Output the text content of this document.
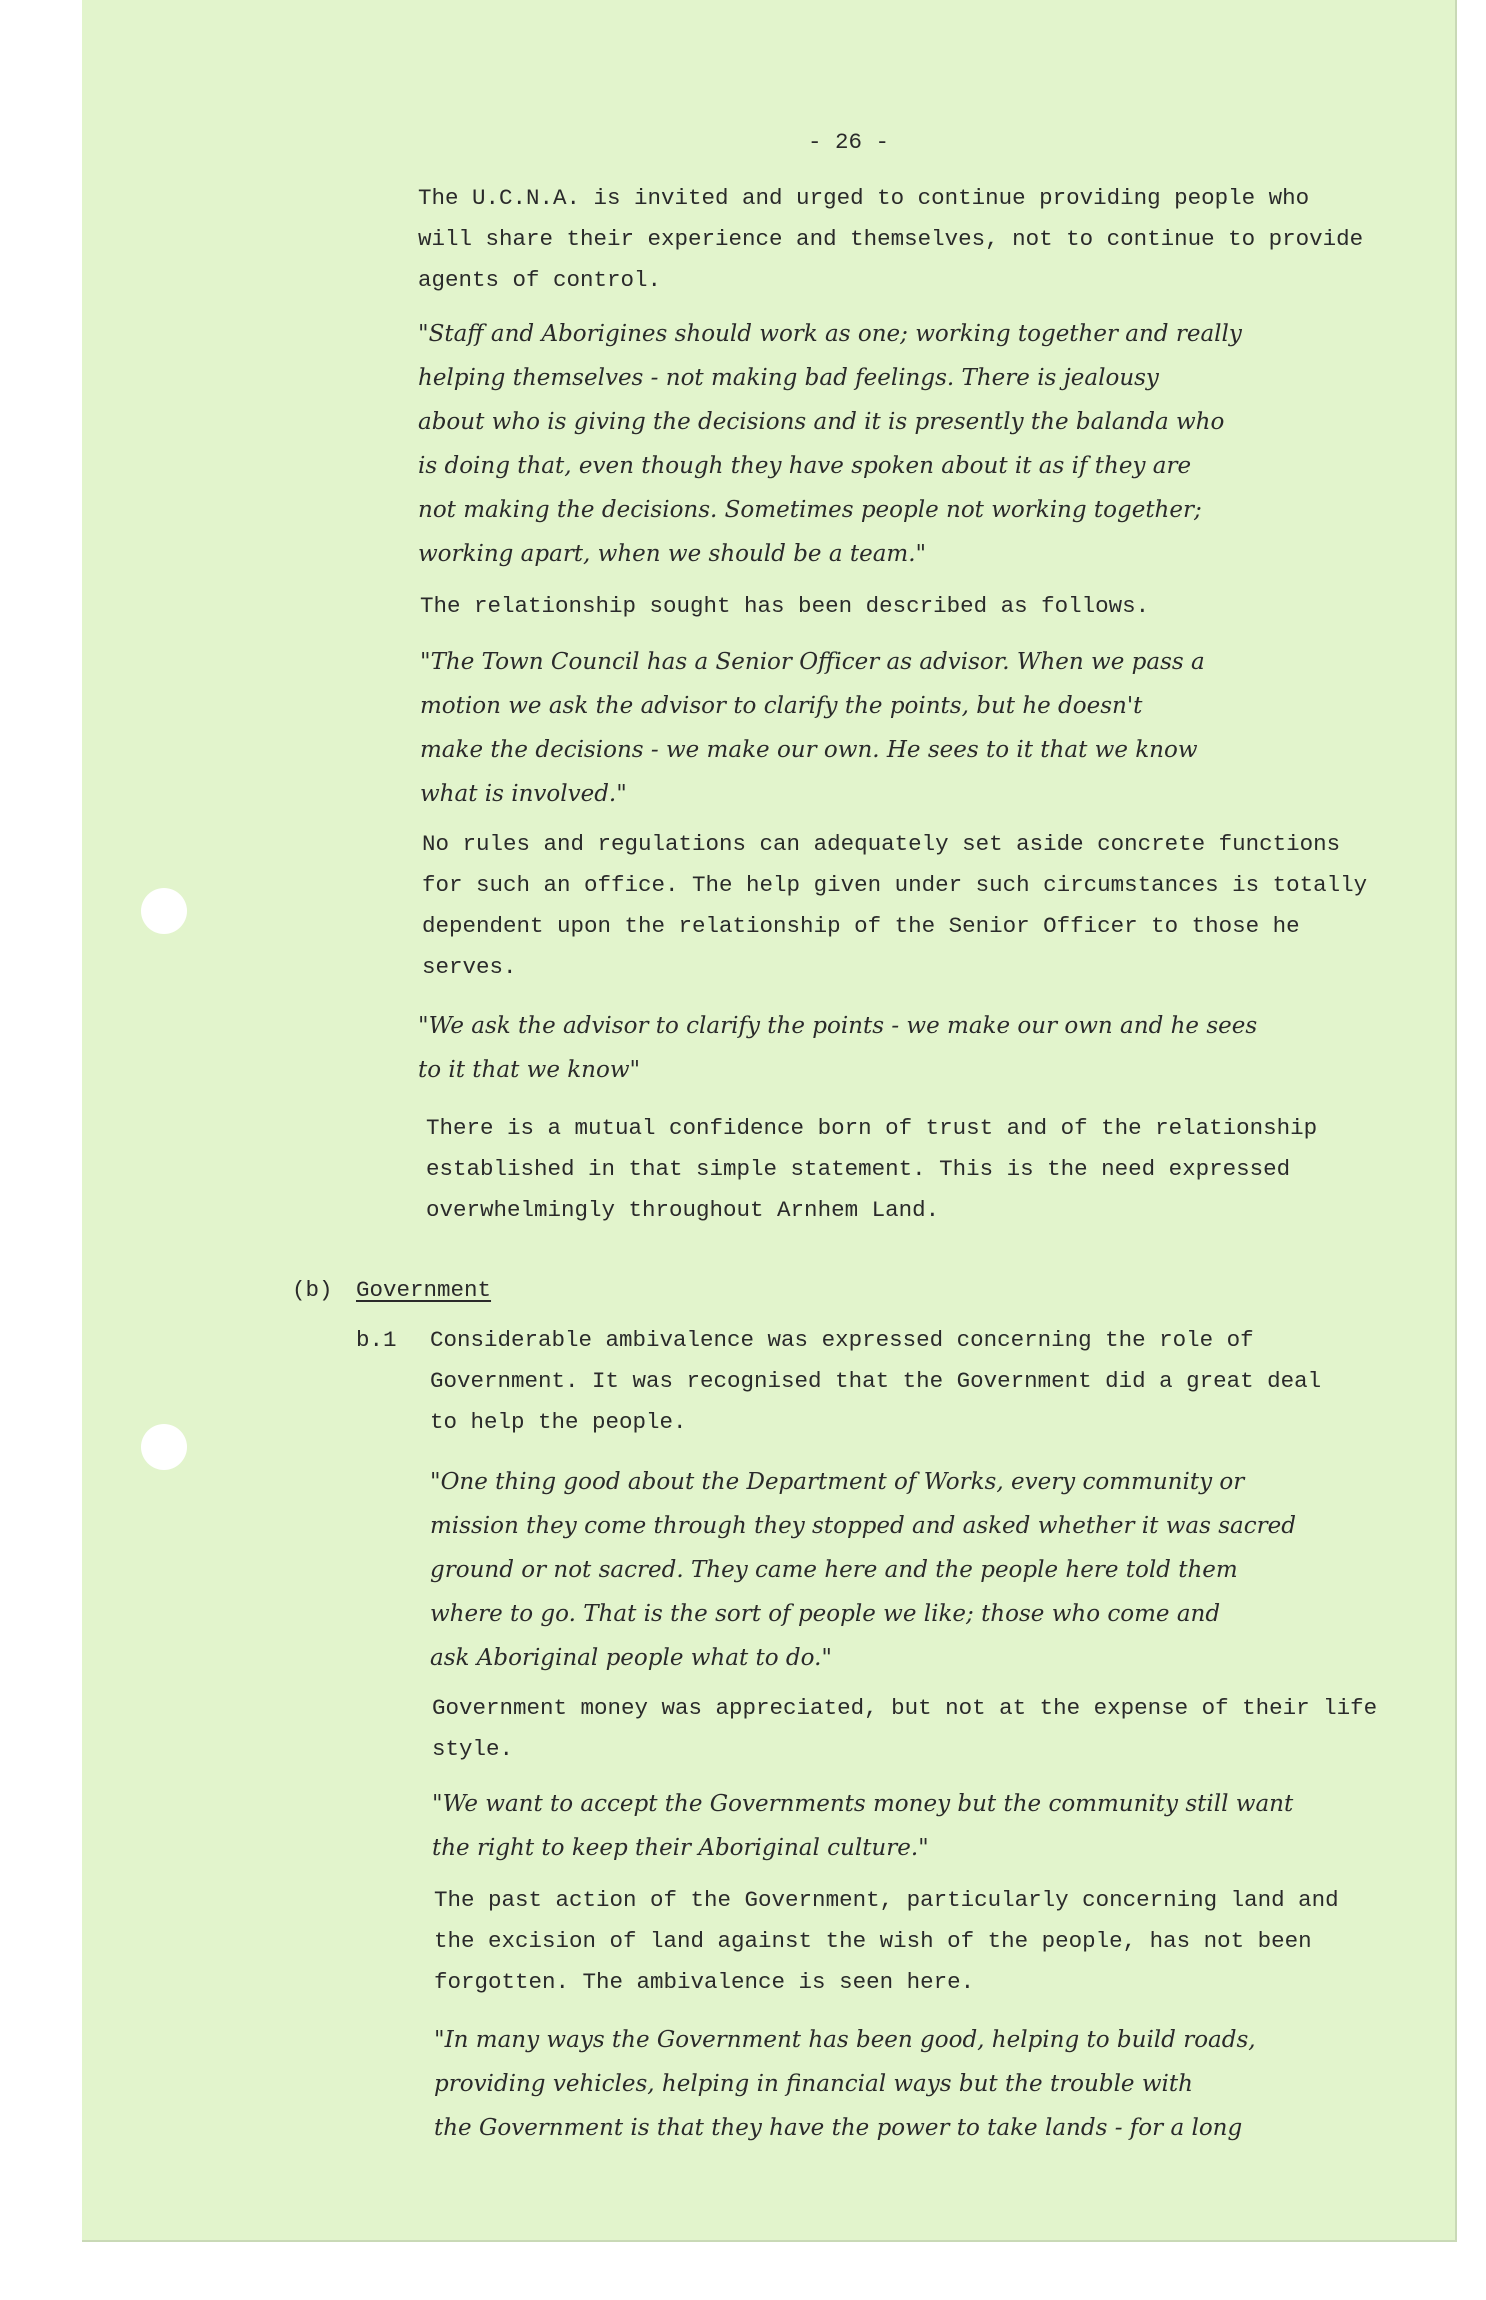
- 26 -
The U.C.N.A. is invited and urged to continue providing people who
will share their experience and themselves, not to continue to provide
agents of control.
"Staff and Aborigines should work as one; working together and really
helping themselves - not making bad feelings. There is jealousy
about who is giving the decisions and it is presently the balanda who
is doing that, even though they have spoken about it as if they are
not making the decisions. Sometimes people not working together;
working apart, when we should be a team."
The relationship sought has been described as follows.
"The Town Council has a Senior Officer as advisor. When we pass a
motion we ask the advisor to clarify the points, but he doesn't
make the decisions - we make our own. He sees to it that we know
what is involved."
No rules and regulations can adequately set aside concrete functions
for such an office. The help given under such circumstances is totally
dependent upon the relationship of the Senior Officer to those he
serves.
"We ask the advisor to clarify the points - we make our own and he sees
to it that we know"
There is a mutual confidence born of trust and of the relationship
established in that simple statement. This is the need expressed
overwhelmingly throughout Arnhem Land.
(b) Government
b.1 Considerable ambivalence was expressed concerning the role of
Government. It was recognised that the Government did a great deal
to help the people.
"One thing good about the Department of Works, every community or
mission they come through they stopped and asked whether it was sacred
ground or not sacred. They came here and the people here told them
where to go. That is the sort of people we like; those who come and
ask Aboriginal people what to do."
Government money was appreciated, but not at the expense of their life
style.
"We want to accept the Governments money but the community still want
the right to keep their Aboriginal culture."
The past action of the Government, particularly concerning land and
the excision of land against the wish of the people, has not been
forgotten. The ambivalence is seen here.
"In many ways the Government has been good, helping to build roads,
providing vehicles, helping in financial ways but the trouble with
the Government is that they have the power to take lands - for a long
